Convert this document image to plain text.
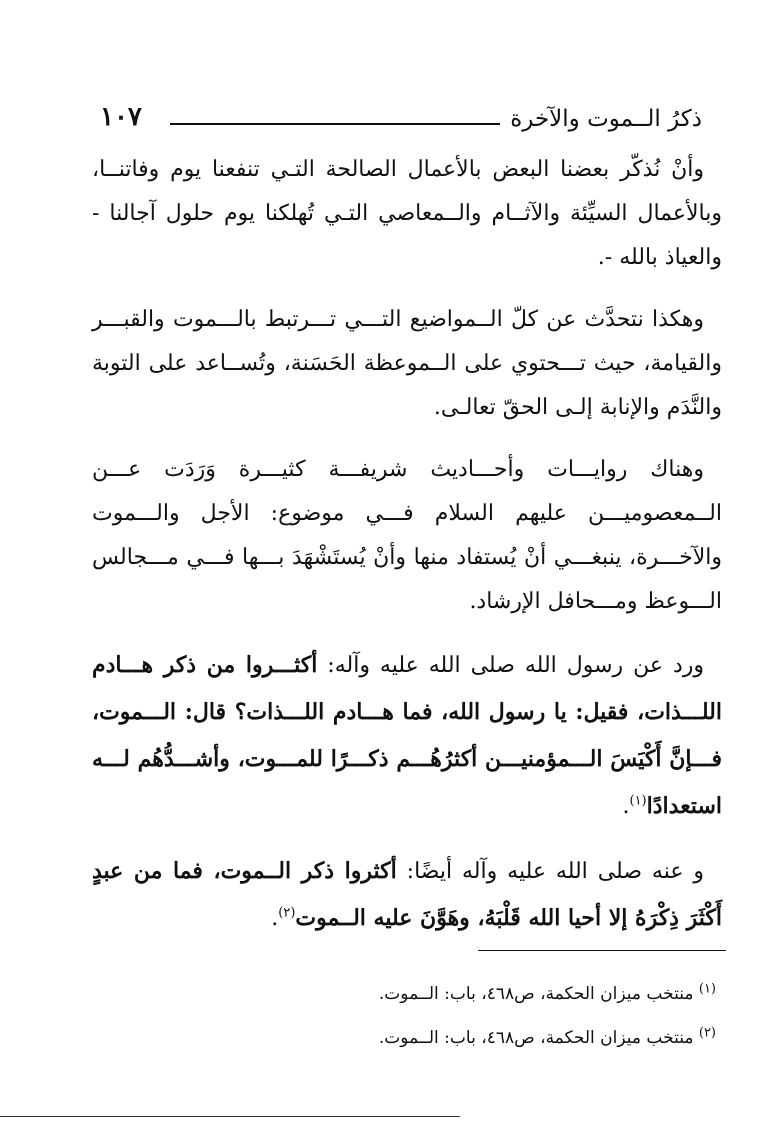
ذكرُ الــموت والآخرة
١٠٧

وأنْ نُذكّر بعضنا البعض بالأعمال الصالحة التـي تنفعنا يوم وفاتنــا، وبالأعمال السيِّئة والآثــام والــمعاصي التـي تُهلكنا يوم حلول آجالنا - والعياذ بالله -.

وهكذا نتحدَّث عن كلّ الــمواضيع التـــي تـــرتبط بالـــموت والقبـــر والقيامة، حيث تـــحتوي على الــموعظة الحَسَنة، وتُســاعد على التوبة والنَّدَم والإنابة إلـى الحقّ تعالـى.

وهناك روايـــات وأحـــاديث شريفـــة كثيـــرة وَرَدَت عـــن الــمعصوميـــن عليهم السلام فـــي موضوع: الأجل والـــموت والآخـــرة، ينبغـــي أنْ يُستفاد منها وأنْ يُستَشْهَدَ بـــها فـــي مـــجالس الـــوعظ ومـــحافل الإرشاد.

ورد عن رسول الله صلى الله عليه وآله: أكثـــروا من ذكر هـــادم اللـــذات، فقيل: يا رسول الله، فما هـــادم اللـــذات؟ قال: الـــموت، فـــإنَّ أَكْيَسَ الـــمؤمنيـــن أكثرُهُـــم ذكـــرًا للمـــوت، وأشـــدُّهُم لـــه استعدادًا$^{(١)}$.

و عنه صلى الله عليه وآله أيضًا: أكثروا ذكر الــموت، فما من عبدٍ أَكْثَرَ ذِكْرَهُ إلا أحيا الله قَلْبَهُ، وهَوَّنَ عليه الــموت$^{(٢)}$.

$^{(١)}$ منتخب ميزان الحكمة، ص٤٦٨، باب: الــموت.

$^{(٢)}$ منتخب ميزان الحكمة، ص٤٦٨، باب: الــموت.
